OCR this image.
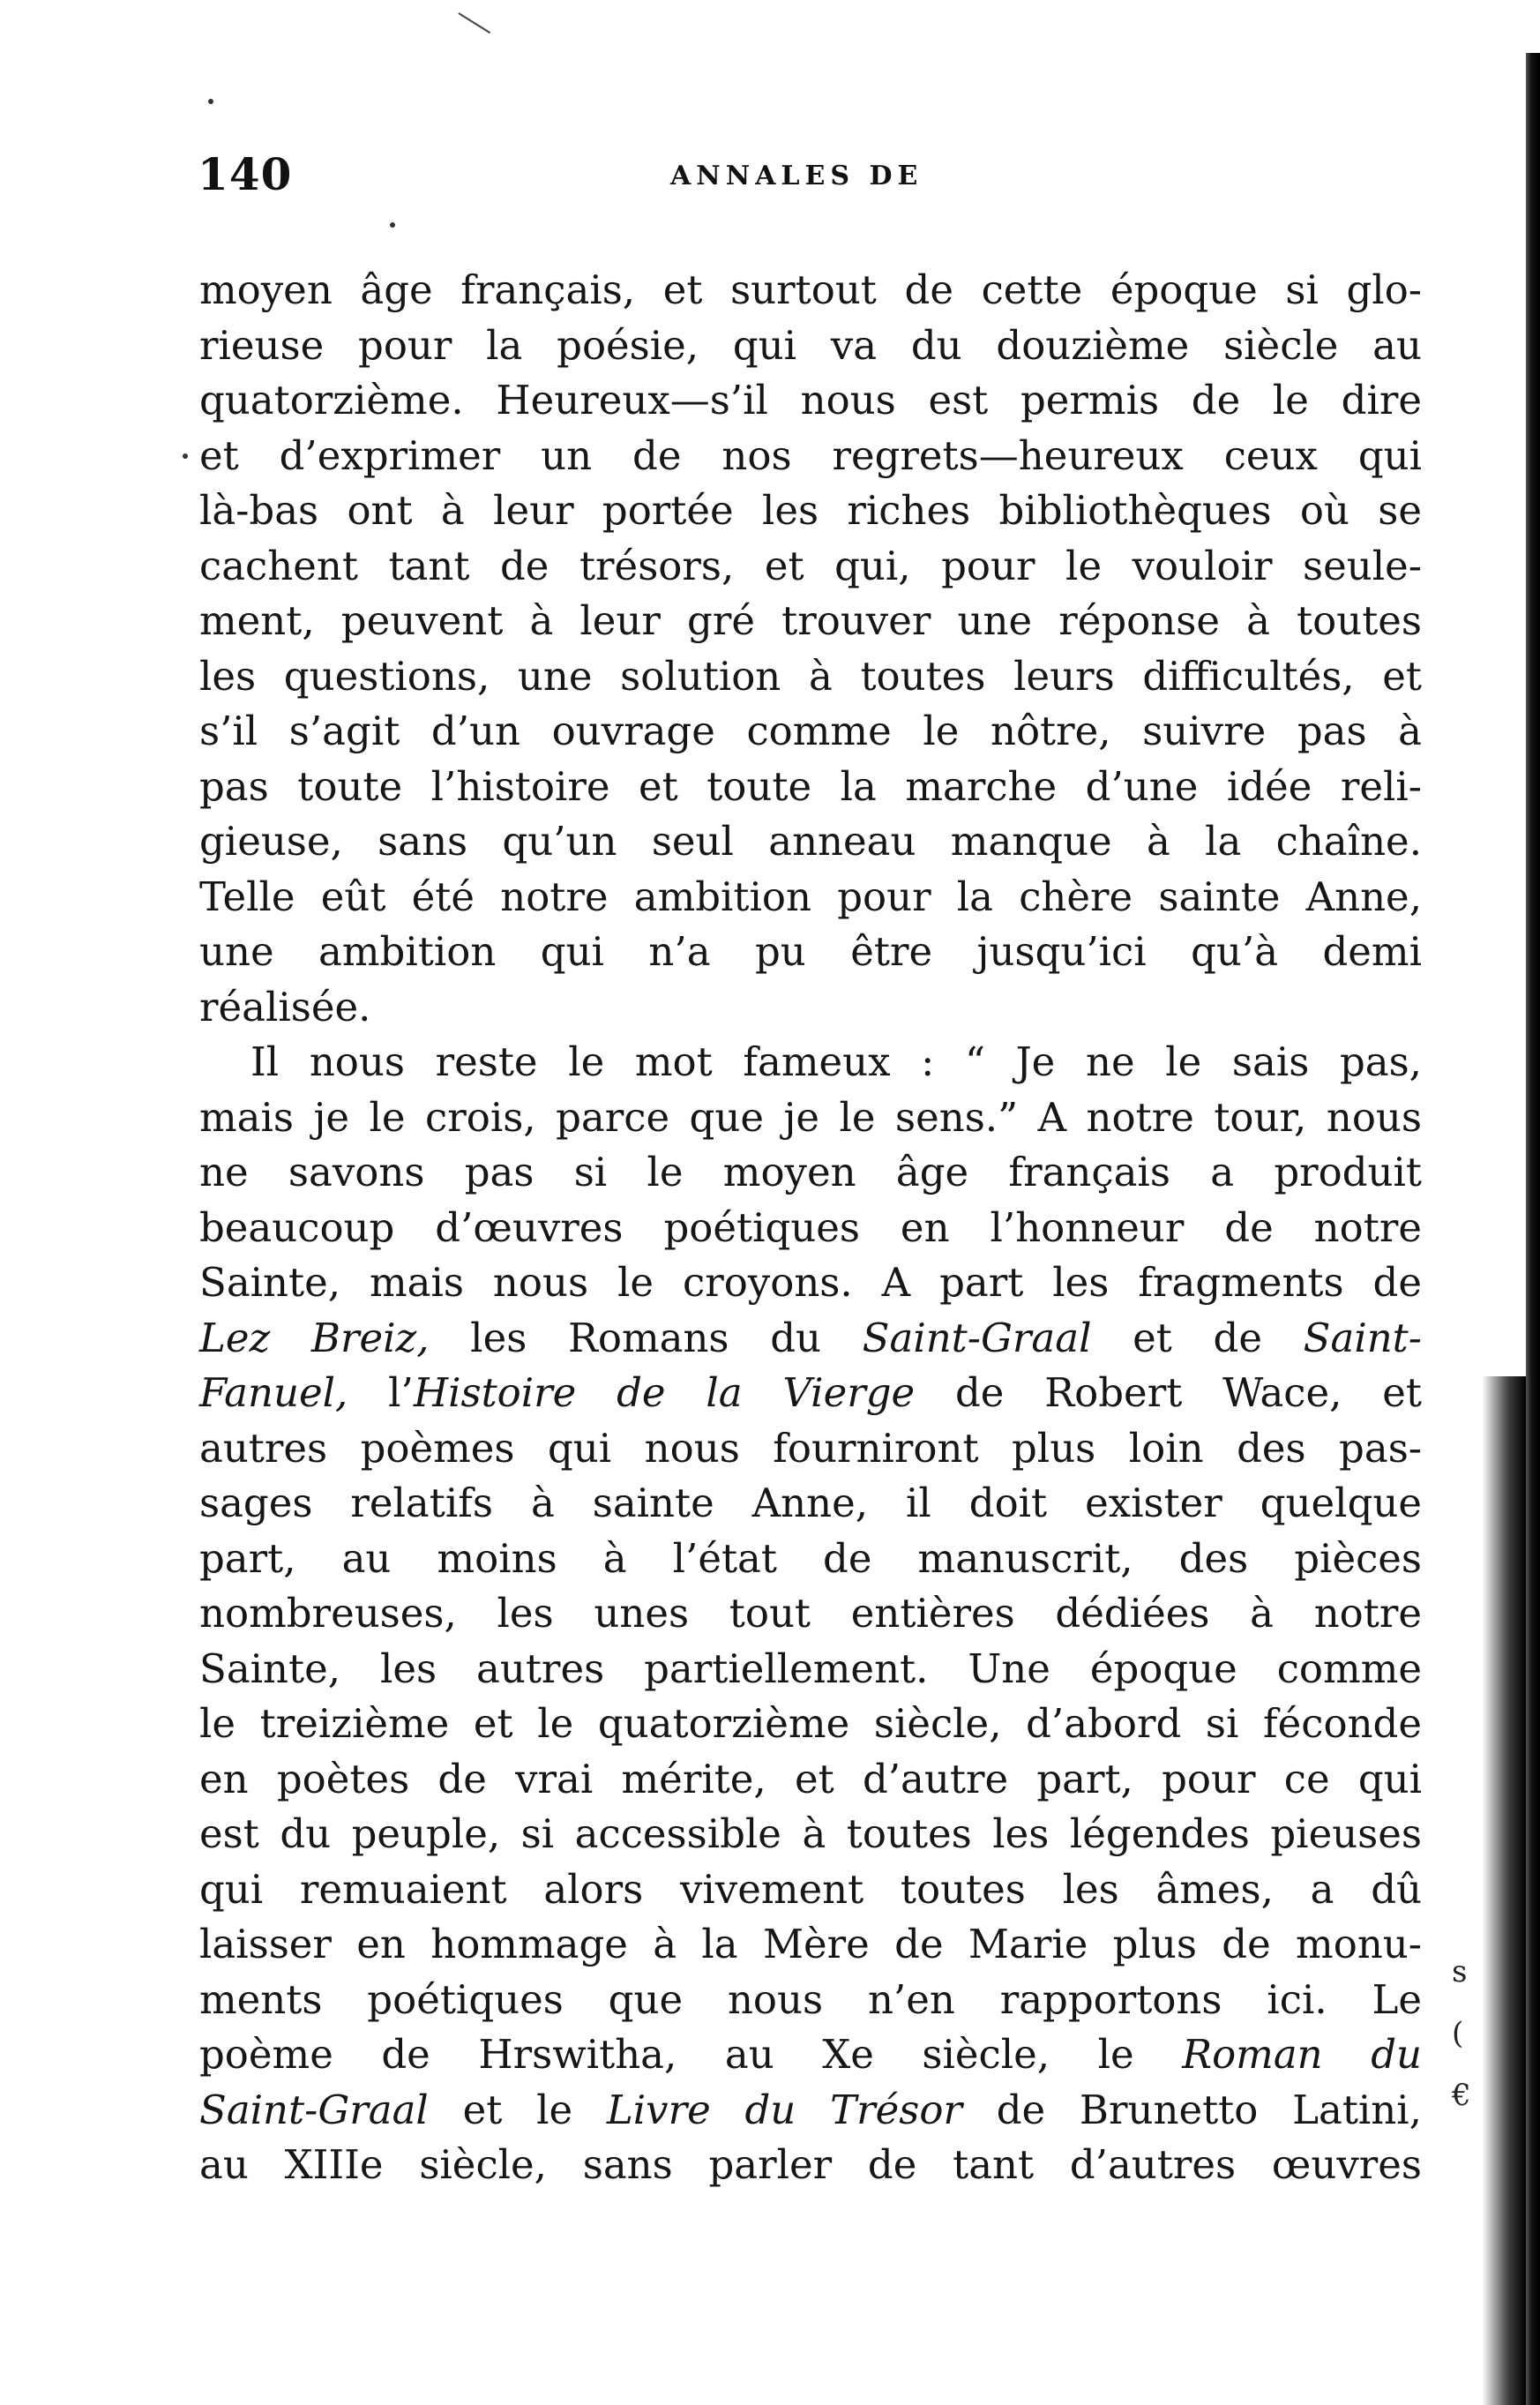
140	ANNALES DE
moyen âge français, et surtout de cette époque si glo-
rieuse pour la poésie, qui va du douzième siècle au
quatorzième. Heureux—s’il nous est permis de le dire
et d’exprimer un de nos regrets—heureux ceux qui
là-bas ont à leur portée les riches bibliothèques où se
cachent tant de trésors, et qui, pour le vouloir seule-
ment, peuvent à leur gré trouver une réponse à toutes
les questions, une solution à toutes leurs difficultés, et
s’il s’agit d’un ouvrage comme le nôtre, suivre pas à
pas toute l’histoire et toute la marche d’une idée reli-
gieuse, sans qu’un seul anneau manque à la chaîne.
Telle eût été notre ambition pour la chère sainte Anne,
une ambition qui n’a pu être jusqu’ici qu’à demi
réalisée.
Il nous reste le mot fameux : “ Je ne le sais pas,
mais je le crois, parce que je le sens.” A notre tour, nous
ne savons pas si le moyen âge français a produit
beaucoup d’œuvres poétiques en l’honneur de notre
Sainte, mais nous le croyons. A part les fragments de
Lez Breiz, les Romans du Saint-Graal et de Saint-
Fanuel, l’Histoire de la Vierge de Robert Wace, et
autres poèmes qui nous fourniront plus loin des pas-
sages relatifs à sainte Anne, il doit exister quelque
part, au moins à l’état de manuscrit, des pièces
nombreuses, les unes tout entières dédiées à notre
Sainte, les autres partiellement. Une époque comme
le treizième et le quatorzième siècle, d’abord si féconde
en poètes de vrai mérite, et d’autre part, pour ce qui
est du peuple, si accessible à toutes les légendes pieuses
qui remuaient alors vivement toutes les âmes, a dû
laisser en hommage à la Mère de Marie plus de monu-
ments poétiques que nous n’en rapportons ici. Le
poème de Hrswitha, au Xe siècle, le Roman du
Saint-Graal et le Livre du Trésor de Brunetto Latini,
au XIIIe siècle, sans parler de tant d’autres œuvres
s
(
€
